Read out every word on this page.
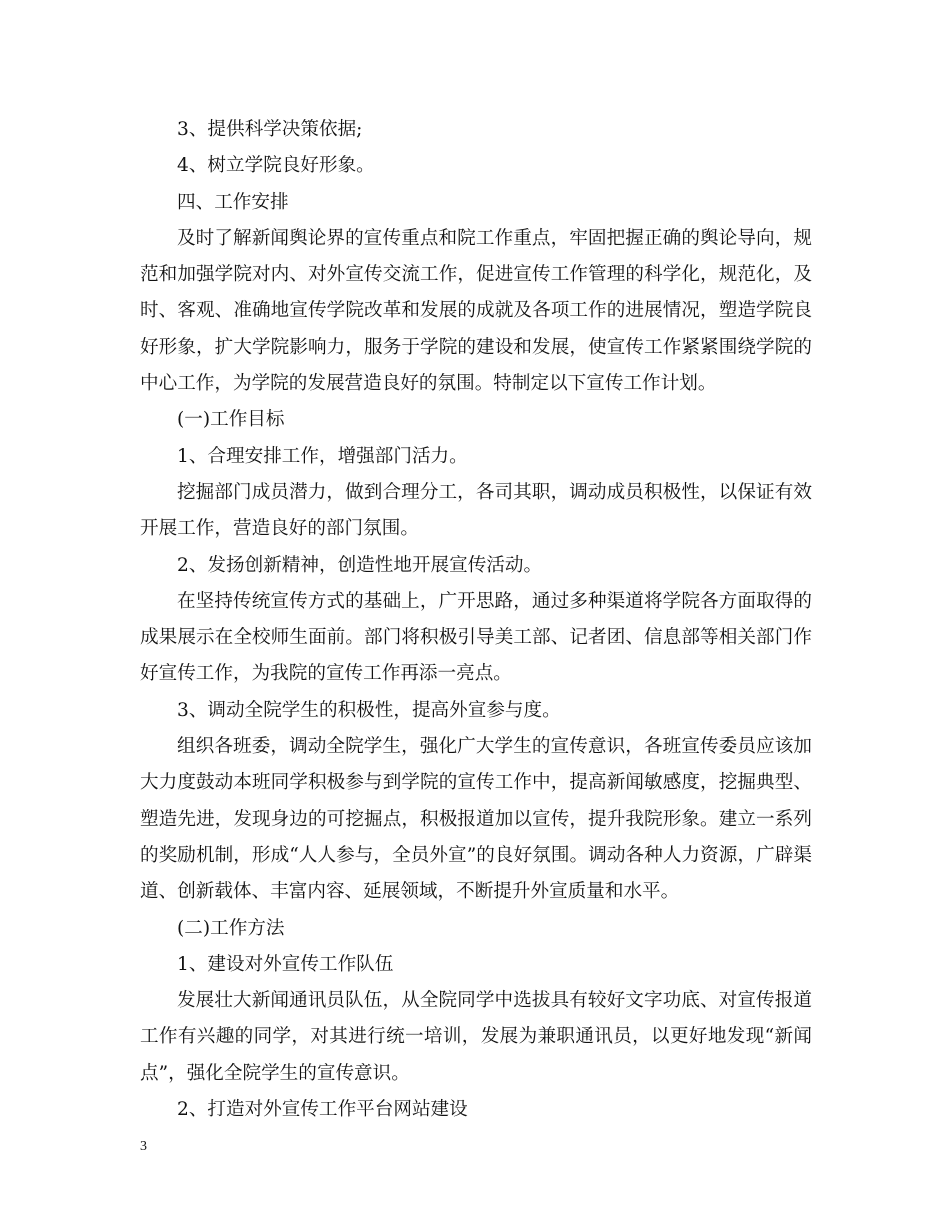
3、提供科学决策依据;

4、树立学院良好形象。

四、工作安排

及时了解新闻舆论界的宣传重点和院工作重点，牢固把握正确的舆论导向，规范和加强学院对内、对外宣传交流工作，促进宣传工作管理的科学化，规范化，及时、客观、准确地宣传学院改革和发展的成就及各项工作的进展情况，塑造学院良好形象，扩大学院影响力，服务于学院的建设和发展，使宣传工作紧紧围绕学院的中心工作，为学院的发展营造良好的氛围。特制定以下宣传工作计划。

(一)工作目标

1、合理安排工作，增强部门活力。

挖掘部门成员潜力，做到合理分工，各司其职，调动成员积极性，以保证有效开展工作，营造良好的部门氛围。

2、发扬创新精神，创造性地开展宣传活动。

在坚持传统宣传方式的基础上，广开思路，通过多种渠道将学院各方面取得的成果展示在全校师生面前。部门将积极引导美工部、记者团、信息部等相关部门作好宣传工作，为我院的宣传工作再添一亮点。

3、调动全院学生的积极性，提高外宣参与度。

组织各班委，调动全院学生，强化广大学生的宣传意识，各班宣传委员应该加大力度鼓动本班同学积极参与到学院的宣传工作中，提高新闻敏感度，挖掘典型、塑造先进，发现身边的可挖掘点，积极报道加以宣传，提升我院形象。建立一系列的奖励机制，形成“人人参与，全员外宣”的良好氛围。调动各种人力资源，广辟渠道、创新载体、丰富内容、延展领域，不断提升外宣质量和水平。

(二)工作方法

1、建设对外宣传工作队伍

发展壮大新闻通讯员队伍，从全院同学中选拔具有较好文字功底、对宣传报道工作有兴趣的同学，对其进行统一培训，发展为兼职通讯员，以更好地发现“新闻点”，强化全院学生的宣传意识。

2、打造对外宣传工作平台网站建设

3
